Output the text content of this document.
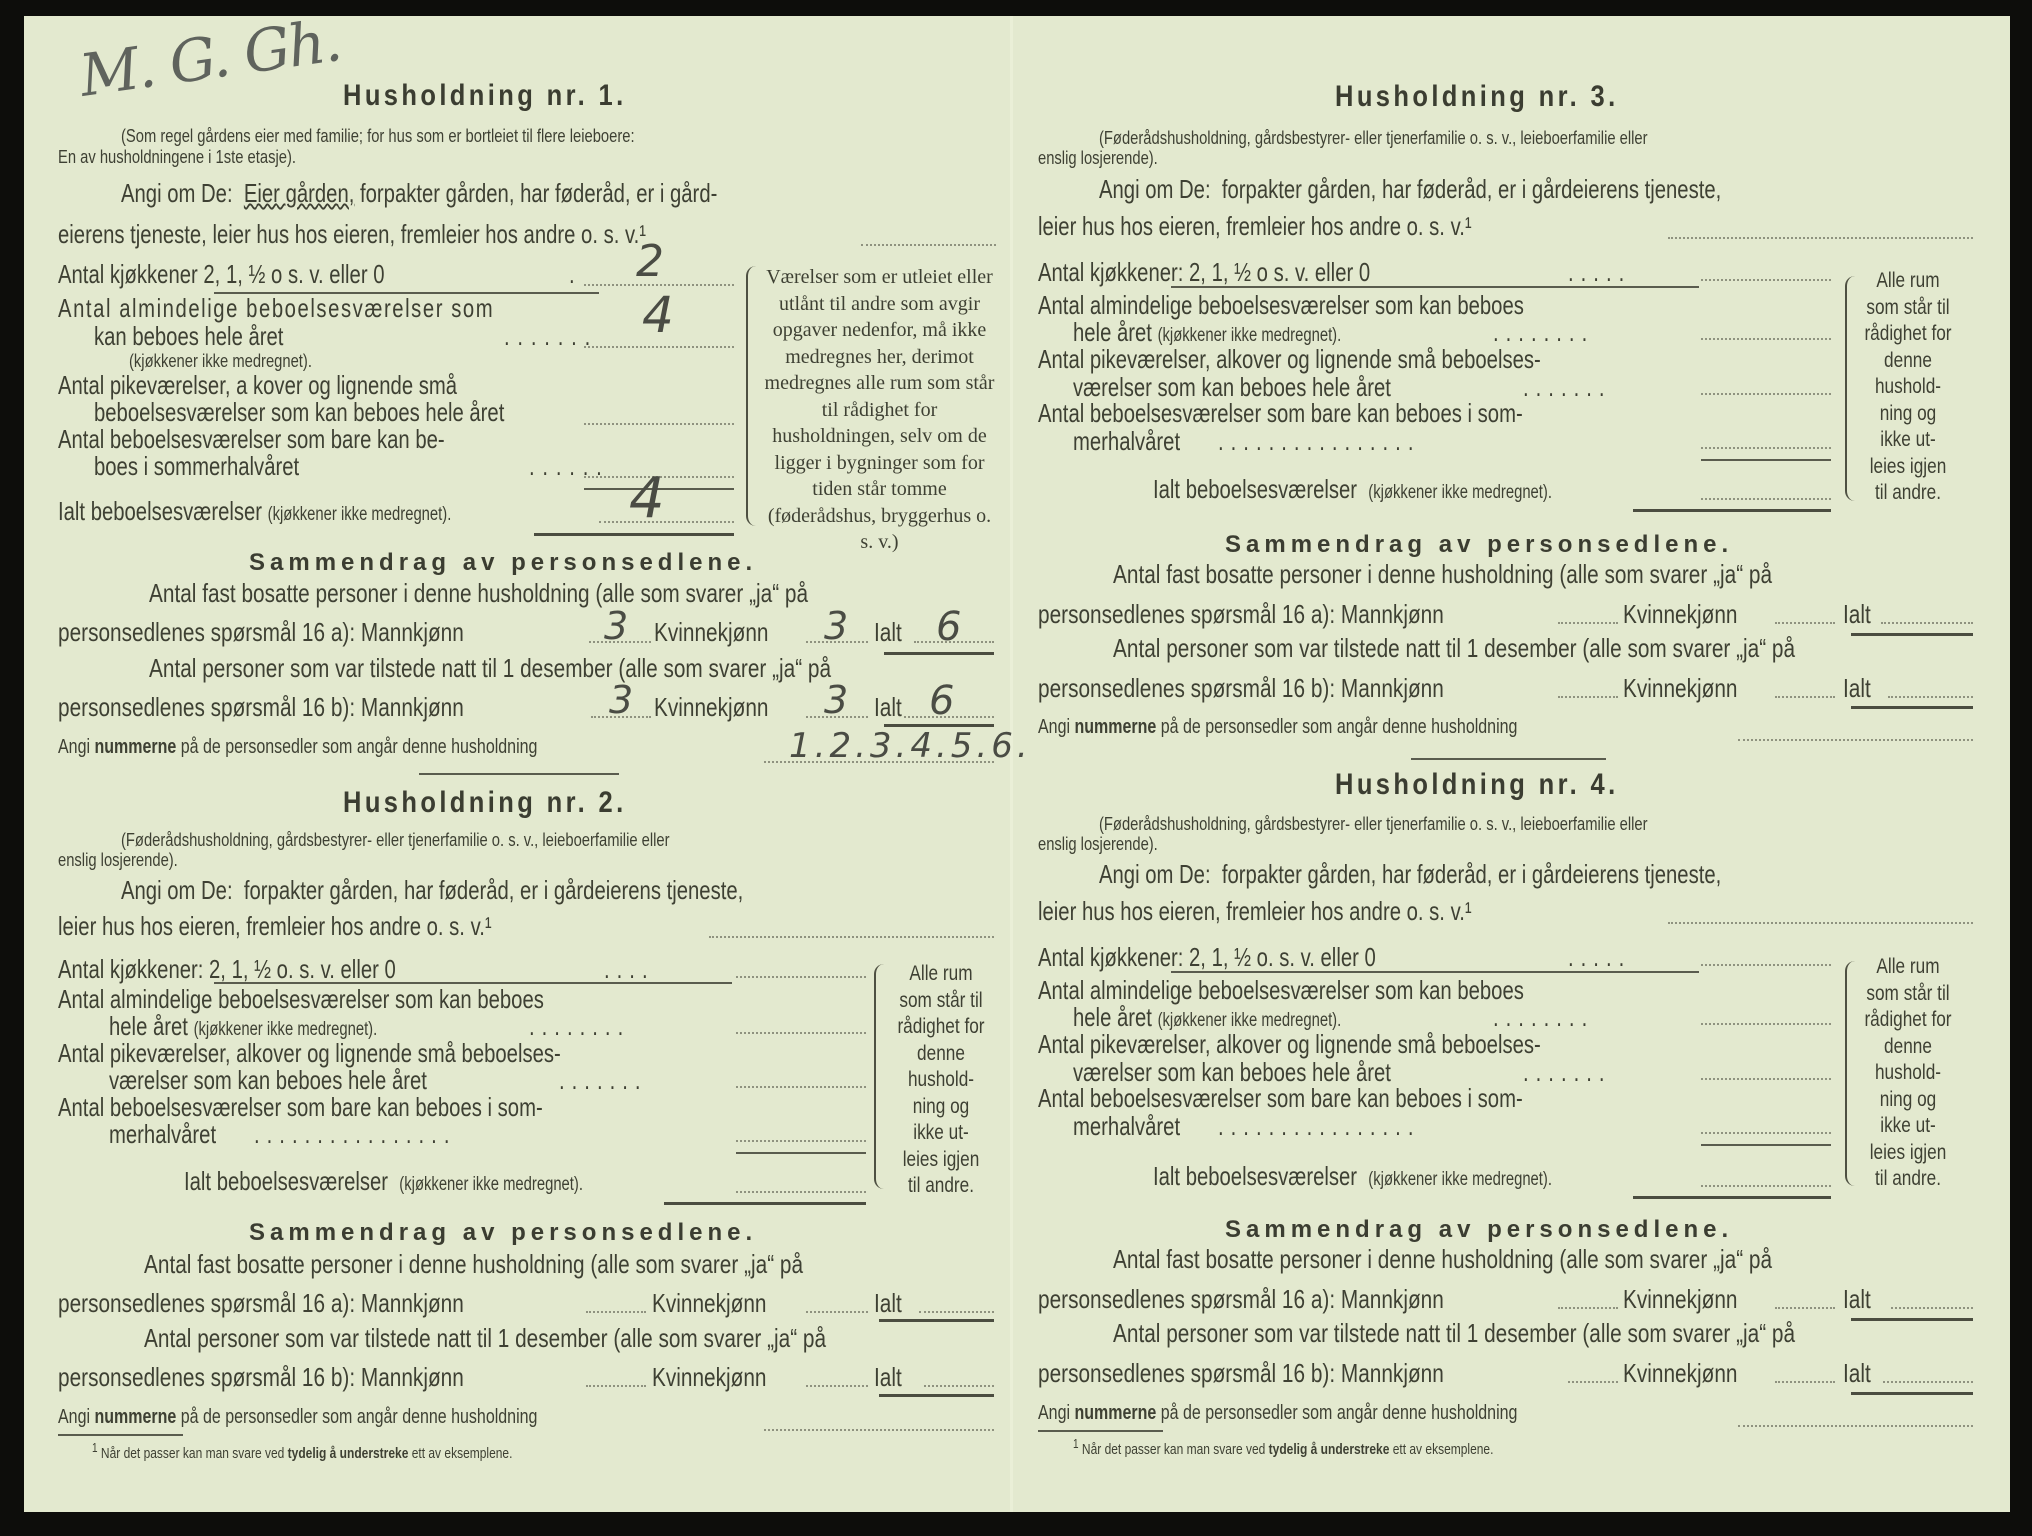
M. G. Gh. Husholdning nr. 1.
(Som regel gårdens eier med familie; for hus som er bortleiet til flere leieboere:
En av husholdningene i 1ste etasje).
Angi om De: Eier gården, forpakter gården, har føderåd, er i gård-
eierens tjeneste, leier hus hos eieren, fremleier hos andre o. s. v.¹
Antal kjøkkener 2, 1, ½ o s. v. eller 0	. 2
Antal almindelige beboelsesværelser som
kan beboes hele året	....... 4
(kjøkkener ikke medregnet).
Antal pikeværelser, a kover og lignende små
beboelsesværelser som kan beboes hele året
Antal beboelsesværelser som bare kan be-
boes i sommerhalvåret	......
Ialt beboelsesværelser (kjøkkener ikke medregnet).	4
Værelser som er utleiet eller utlånt til andre som avgir opgaver nedenfor, må ikke medregnes her, derimot medregnes alle rum som står til rådighet for husholdningen, selv om de ligger i bygninger som for tiden står tomme (føderådshus, bryggerhus o. s. v.)
Sammendrag av personsedlene.
Antal fast bosatte personer i denne husholdning (alle som svarer „ja“ på
personsedlenes spørsmål 16 a): Mannkjønn	3 Kvinnekjønn 3 Ialt 6
Antal personer som var tilstede natt til 1 desember (alle som svarer „ja“ på
personsedlenes spørsmål 16 b): Mannkjønn	3 Kvinnekjønn 3 Ialt 6
Angi nummerne på de personsedler som angår denne husholdning	1.2.3.4.5.6.
Husholdning nr. 2.
(Føderådshusholdning, gårdsbestyrer- eller tjenerfamilie o. s. v., leieboerfamilie eller
enslig losjerende).
Angi om De: forpakter gården, har føderåd, er i gårdeierens tjeneste,
leier hus hos eieren, fremleier hos andre o. s. v.¹
Antal kjøkkener: 2, 1, ½ o. s. v. eller 0	....
Antal almindelige beboelsesværelser som kan beboes
hele året (kjøkkener ikke medregnet).	........
Antal pikeværelser, alkover og lignende små beboelses-
værelser som kan beboes hele året	.......
Antal beboelsesværelser som bare kan beboes i som-
merhalvåret ................
Ialt beboelsesværelser (kjøkkener ikke medregnet).
Alle rum som står til rådighet for denne hushold-ning og ikke ut-leies igjen til andre.
Sammendrag av personsedlene.
Antal fast bosatte personer i denne husholdning (alle som svarer „ja“ på
personsedlenes spørsmål 16 a): Mannkjønn	Kvinnekjønn	Ialt
Antal personer som var tilstede natt til 1 desember (alle som svarer „ja“ på
personsedlenes spørsmål 16 b): Mannkjønn	Kvinnekjønn	Ialt
Angi nummerne på de personsedler som angår denne husholdning
$^1$ Når det passer kan man svare ved tydelig å understreke ett av eksemplene.
Husholdning nr. 3.
(Føderådshusholdning, gårdsbestyrer- eller tjenerfamilie o. s. v., leieboerfamilie eller
enslig losjerende).
Angi om De: forpakter gården, har føderåd, er i gårdeierens tjeneste,
leier hus hos eieren, fremleier hos andre o. s. v.¹
Antal kjøkkener: 2, 1, ½ o s. v. eller 0	.....
Antal almindelige beboelsesværelser som kan beboes
hele året (kjøkkener ikke medregnet).	........
Antal pikeværelser, alkover og lignende små beboelses-
værelser som kan beboes hele året	.......
Antal beboelsesværelser som bare kan beboes i som-
merhalvåret ................
Ialt beboelsesværelser (kjøkkener ikke medregnet).
Alle rum som står til rådighet for denne hushold-ning og ikke ut-leies igjen til andre.
Sammendrag av personsedlene.
Antal fast bosatte personer i denne husholdning (alle som svarer „ja“ på
personsedlenes spørsmål 16 a): Mannkjønn	Kvinnekjønn	Ialt
Antal personer som var tilstede natt til 1 desember (alle som svarer „ja“ på
personsedlenes spørsmål 16 b): Mannkjønn	Kvinnekjønn	Ialt
Angi nummerne på de personsedler som angår denne husholdning
Husholdning nr. 4.
(Føderådshusholdning, gårdsbestyrer- eller tjenerfamilie o. s. v., leieboerfamilie eller
enslig losjerende).
Angi om De: forpakter gården, har føderåd, er i gårdeierens tjeneste,
leier hus hos eieren, fremleier hos andre o. s. v.¹
Antal kjøkkener: 2, 1, ½ o. s. v. eller 0	.....
Antal almindelige beboelsesværelser som kan beboes
hele året (kjøkkener ikke medregnet).	........
Antal pikeværelser, alkover og lignende små beboelses-
værelser som kan beboes hele året	.......
Antal beboelsesværelser som bare kan beboes i som-
merhalvåret ................
Ialt beboelsesværelser (kjøkkener ikke medregnet).
Alle rum som står til rådighet for denne hushold-ning og ikke ut-leies igjen til andre.
Sammendrag av personsedlene.
Antal fast bosatte personer i denne husholdning (alle som svarer „ja“ på
personsedlenes spørsmål 16 a): Mannkjønn	Kvinnekjønn	Ialt
Antal personer som var tilstede natt til 1 desember (alle som svarer „ja“ på
personsedlenes spørsmål 16 b): Mannkjønn	Kvinnekjønn	Ialt
Angi nummerne på de personsedler som angår denne husholdning
$^1$ Når det passer kan man svare ved tydelig å understreke ett av eksemplene.
